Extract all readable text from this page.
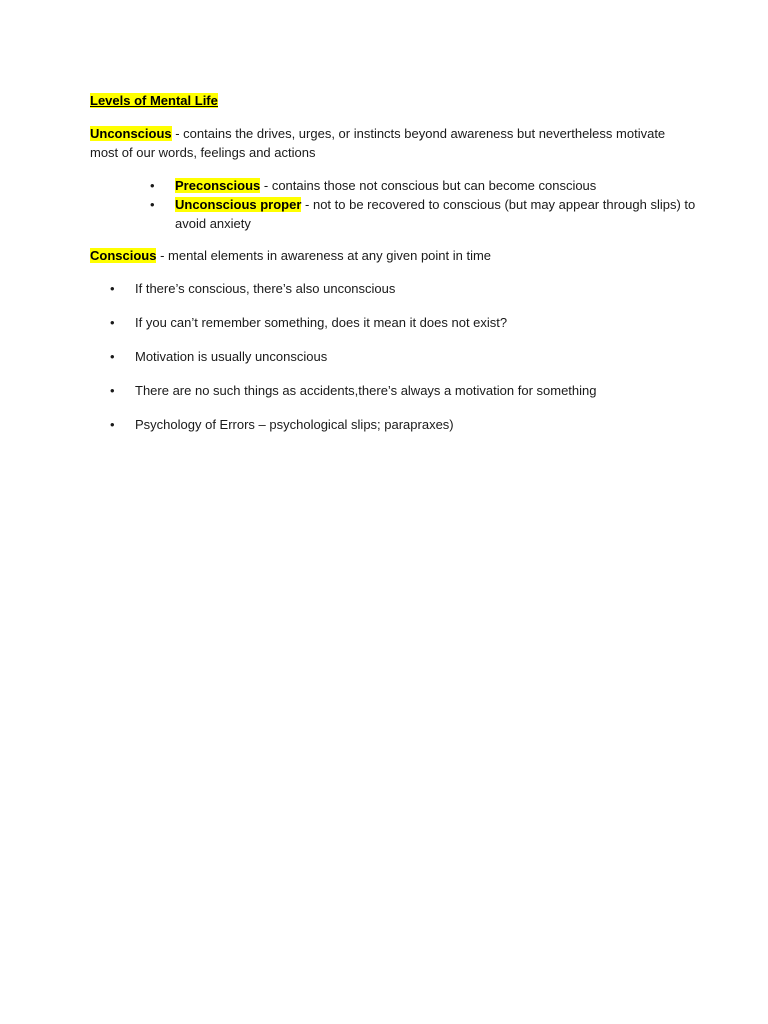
Levels of Mental Life
Unconscious - contains the drives, urges, or instincts beyond awareness but nevertheless motivate most of our words, feelings and actions
• Preconscious - contains those not conscious but can become conscious
• Unconscious proper - not to be recovered to conscious (but may appear through slips) to avoid anxiety
Conscious - mental elements in awareness at any given point in time
• If there’s conscious, there’s also unconscious
• If you can’t remember something, does it mean it does not exist?
• Motivation is usually unconscious
• There are no such things as accidents,there’s always a motivation for something
• Psychology of Errors – psychological slips; parapraxes)
